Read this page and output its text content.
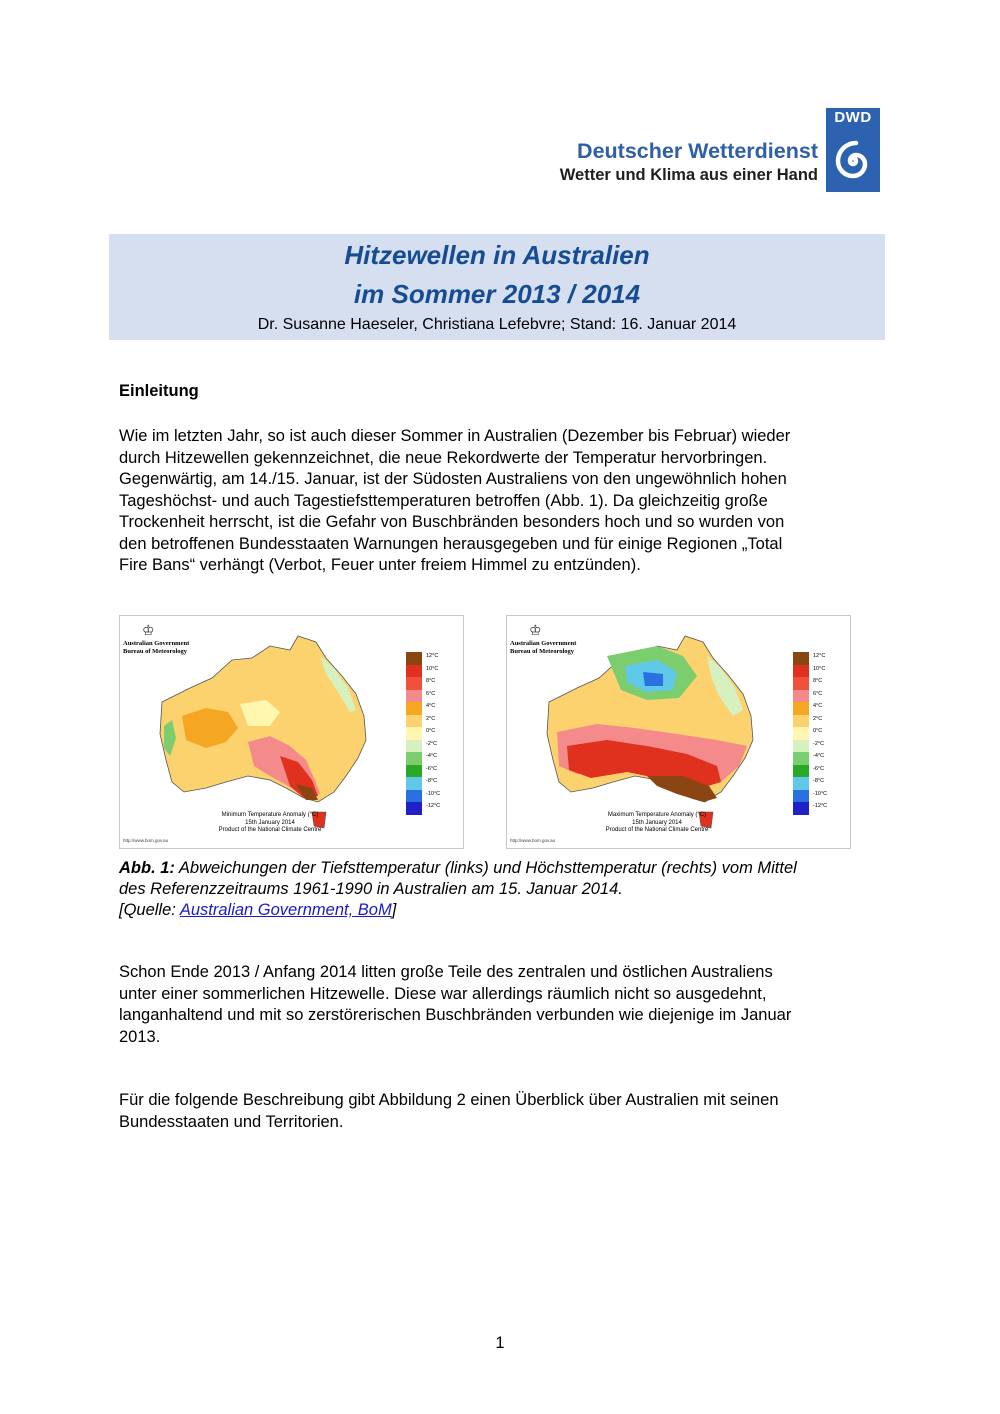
Deutscher Wetterdienst
Wetter und Klima aus einer Hand
DWD
Hitzewellen in Australien
im Sommer 2013 / 2014
Dr. Susanne Haeseler, Christiana Lefebvre; Stand: 16. Januar 2014
Einleitung
Wie im letzten Jahr, so ist auch dieser Sommer in Australien (Dezember bis Februar) wieder
durch Hitzewellen gekennzeichnet, die neue Rekordwerte der Temperatur hervorbringen.
Gegenwärtig, am 14./15. Januar, ist der Südosten Australiens von den ungewöhnlich hohen
Tageshöchst- und auch Tagestiefsttemperaturen betroffen (Abb. 1). Da gleichzeitig große
Trockenheit herrscht, ist die Gefahr von Buschbränden besonders hoch und so wurden von
den betroffenen Bundesstaaten Warnungen herausgegeben und für einige Regionen „Total
Fire Bans“ verhängt (Verbot, Feuer unter freiem Himmel zu entzünden).
♔
Australian Government
Bureau of Meteorology
12°C
10°C
8°C
6°C
4°C
2°C
0°C
-2°C
-4°C
-6°C
-8°C
-10°C
-12°C
Minimum Temperature Anomaly (°C)
15th January 2014
Product of the National Climate Centre
http://www.bom.gov.au
♔
Australian Government
Bureau of Meteorology
12°C
10°C
8°C
6°C
4°C
2°C
0°C
-2°C
-4°C
-6°C
-8°C
-10°C
-12°C
Maximum Temperature Anomaly (°C)
15th January 2014
Product of the National Climate Centre
http://www.bom.gov.au
Abb. 1: Abweichungen der Tiefsttemperatur (links) und Höchsttemperatur (rechts) vom Mittel
des Referenzzeitraums 1961-1990 in Australien am 15. Januar 2014.
[Quelle: Australian Government, BoM]
Schon Ende 2013 / Anfang 2014 litten große Teile des zentralen und östlichen Australiens
unter einer sommerlichen Hitzewelle. Diese war allerdings räumlich nicht so ausgedehnt,
langanhaltend und mit so zerstörerischen Buschbränden verbunden wie diejenige im Januar
2013.
Für die folgende Beschreibung gibt Abbildung 2 einen Überblick über Australien mit seinen
Bundesstaaten und Territorien.
1
